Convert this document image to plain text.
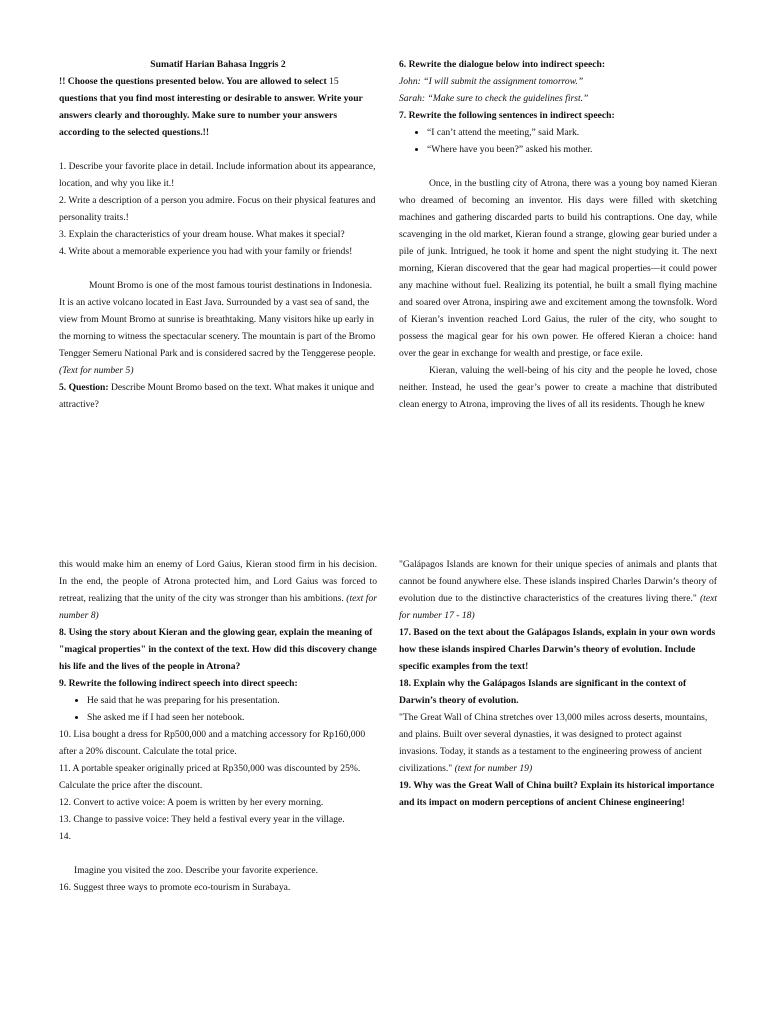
Sumatif Harian Bahasa Inggris 2

!! Choose the questions presented below. You are allowed to select 15 questions that you find most interesting or desirable to answer. Write your answers clearly and thoroughly. Make sure to number your answers according to the selected questions.!!

1. Describe your favorite place in detail. Include information about its appearance, location, and why you like it.!

2. Write a description of a person you admire. Focus on their physical features and personality traits.!

3. Explain the characteristics of your dream house. What makes it special?

4. Write about a memorable experience you had with your family or friends!

Mount Bromo is one of the most famous tourist destinations in Indonesia. It is an active volcano located in East Java. Surrounded by a vast sea of sand, the view from Mount Bromo at sunrise is breathtaking. Many visitors hike up early in the morning to witness the spectacular scenery. The mountain is part of the Bromo Tengger Semeru National Park and is considered sacred by the Tenggerese people. (Text for number 5)

5. Question: Describe Mount Bromo based on the text. What makes it unique and attractive?

6. Rewrite the dialogue below into indirect speech:

John: “I will submit the assignment tomorrow.”

Sarah: “Make sure to check the guidelines first.”

7. Rewrite the following sentences in indirect speech:

• “I can’t attend the meeting,” said Mark.
• “Where have you been?” asked his mother.

Once, in the bustling city of Atrona, there was a young boy named Kieran who dreamed of becoming an inventor. His days were filled with sketching machines and gathering discarded parts to build his contraptions. One day, while scavenging in the old market, Kieran found a strange, glowing gear buried under a pile of junk. Intrigued, he took it home and spent the night studying it. The next morning, Kieran discovered that the gear had magical properties—it could power any machine without fuel. Realizing its potential, he built a small flying machine and soared over Atrona, inspiring awe and excitement among the townsfolk. Word of Kieran’s invention reached Lord Gaius, the ruler of the city, who sought to possess the magical gear for his own power. He offered Kieran a choice: hand over the gear in exchange for wealth and prestige, or face exile.

Kieran, valuing the well-being of his city and the people he loved, chose neither. Instead, he used the gear’s power to create a machine that distributed clean energy to Atrona, improving the lives of all its residents. Though he knew

this would make him an enemy of Lord Gaius, Kieran stood firm in his decision. In the end, the people of Atrona protected him, and Lord Gaius was forced to retreat, realizing that the unity of the city was stronger than his ambitions. (text for number 8)

8. Using the story about Kieran and the glowing gear, explain the meaning of "magical properties" in the context of the text. How did this discovery change his life and the lives of the people in Atrona?

9. Rewrite the following indirect speech into direct speech:

• He said that he was preparing for his presentation.
• She asked me if I had seen her notebook.

10. Lisa bought a dress for Rp500,000 and a matching accessory for Rp160,000 after a 20% discount. Calculate the total price.

11. A portable speaker originally priced at Rp350,000 was discounted by 25%. Calculate the price after the discount.

12. Convert to active voice: A poem is written by her every morning.

13. Change to passive voice: They held a festival every year in the village.

14.

Imagine you visited the zoo. Describe your favorite experience.

16. Suggest three ways to promote eco-tourism in Surabaya.

"Galápagos Islands are known for their unique species of animals and plants that cannot be found anywhere else. These islands inspired Charles Darwin’s theory of evolution due to the distinctive characteristics of the creatures living there." (text for number 17 - 18)

17. Based on the text about the Galápagos Islands, explain in your own words how these islands inspired Charles Darwin’s theory of evolution. Include specific examples from the text!

18. Explain why the Galápagos Islands are significant in the context of Darwin’s theory of evolution.

"The Great Wall of China stretches over 13,000 miles across deserts, mountains, and plains. Built over several dynasties, it was designed to protect against invasions. Today, it stands as a testament to the engineering prowess of ancient civilizations." (text for number 19)

19. Why was the Great Wall of China built? Explain its historical importance and its impact on modern perceptions of ancient Chinese engineering!
